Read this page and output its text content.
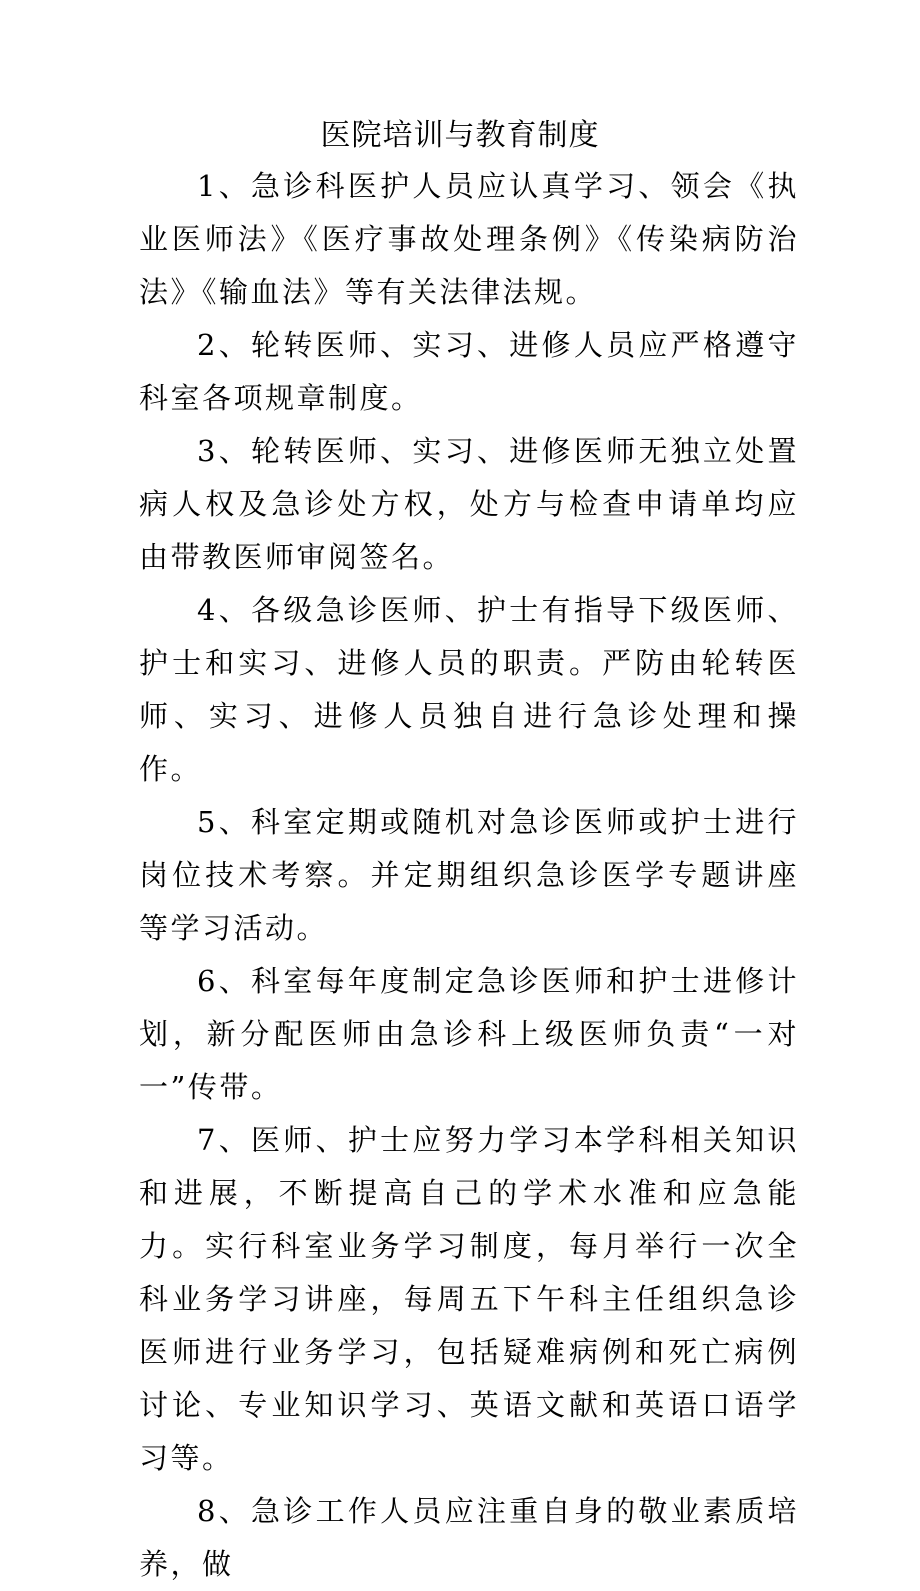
医院培训与教育制度

1、急诊科医护人员应认真学习、领会《执业医师法》《医疗事故处理条例》《传染病防治法》《输血法》等有关法律法规。

2、轮转医师、实习、进修人员应严格遵守科室各项规章制度。

3、轮转医师、实习、进修医师无独立处置病人权及急诊处方权，处方与检查申请单均应由带教医师审阅签名。

4、各级急诊医师、护士有指导下级医师、护士和实习、进修人员的职责。严防由轮转医师、实习、进修人员独自进行急诊处理和操作。

5、科室定期或随机对急诊医师或护士进行岗位技术考察。并定期组织急诊医学专题讲座等学习活动。

6、科室每年度制定急诊医师和护士进修计划，新分配医师由急诊科上级医师负责“一对一”传带。

7、医师、护士应努力学习本学科相关知识和进展，不断提高自己的学术水准和应急能力。实行科室业务学习制度，每月举行一次全科业务学习讲座，每周五下午科主任组织急诊医师进行业务学习，包括疑难病例和死亡病例讨论、专业知识学习、英语文献和英语口语学习等。

8、急诊工作人员应注重自身的敬业素质培养，做
